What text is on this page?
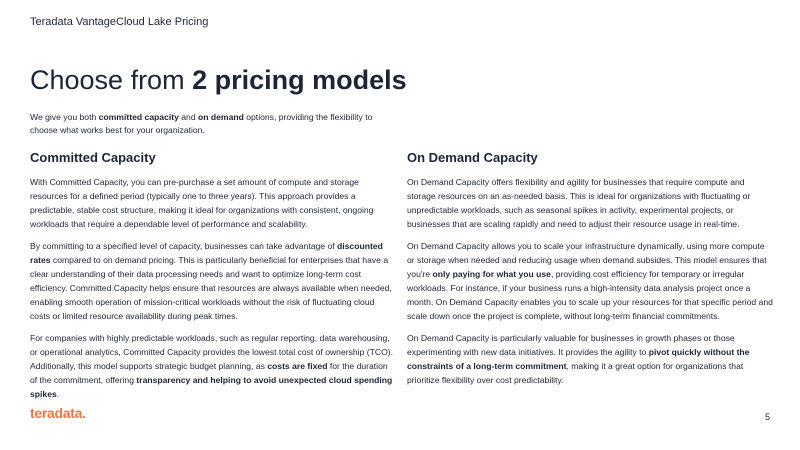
Teradata VantageCloud Lake Pricing
Choose from 2 pricing models

We give you both committed capacity and on demand options, providing the flexibility to choose what works best for your organization.

Committed Capacity

With Committed Capacity, you can pre-purchase a set amount of compute and storage resources for a defined period (typically one to three years). This approach provides a predictable, stable cost structure, making it ideal for organizations with consistent, ongoing workloads that require a dependable level of performance and scalability.

By committing to a specified level of capacity, businesses can take advantage of discounted rates compared to on demand pricing. This is particularly beneficial for enterprises that have a clear understanding of their data processing needs and want to optimize long-term cost efficiency. Committed Capacity helps ensure that resources are always available when needed, enabling smooth operation of mission-critical workloads without the risk of fluctuating cloud costs or limited resource availability during peak times.

For companies with highly predictable workloads, such as regular reporting, data warehousing, or operational analytics, Committed Capacity provides the lowest total cost of ownership (TCO). Additionally, this model supports strategic budget planning, as costs are fixed for the duration of the commitment, offering transparency and helping to avoid unexpected cloud spending spikes.

On Demand Capacity

On Demand Capacity offers flexibility and agility for businesses that require compute and storage resources on an as-needed basis. This is ideal for organizations with fluctuating or unpredictable workloads, such as seasonal spikes in activity, experimental projects, or businesses that are scaling rapidly and need to adjust their resource usage in real-time.

On Demand Capacity allows you to scale your infrastructure dynamically, using more compute or storage when needed and reducing usage when demand subsides. This model ensures that you're only paying for what you use, providing cost efficiency for temporary or irregular workloads. For instance, if your business runs a high-intensity data analysis project once a month, On Demand Capacity enables you to scale up your resources for that specific period and scale down once the project is complete, without long-term financial commitments.

On Demand Capacity is particularly valuable for businesses in growth phases or those experimenting with new data initiatives. It provides the agility to pivot quickly without the constraints of a long-term commitment, making it a great option for organizations that prioritize flexibility over cost predictability.

teradata.	5
